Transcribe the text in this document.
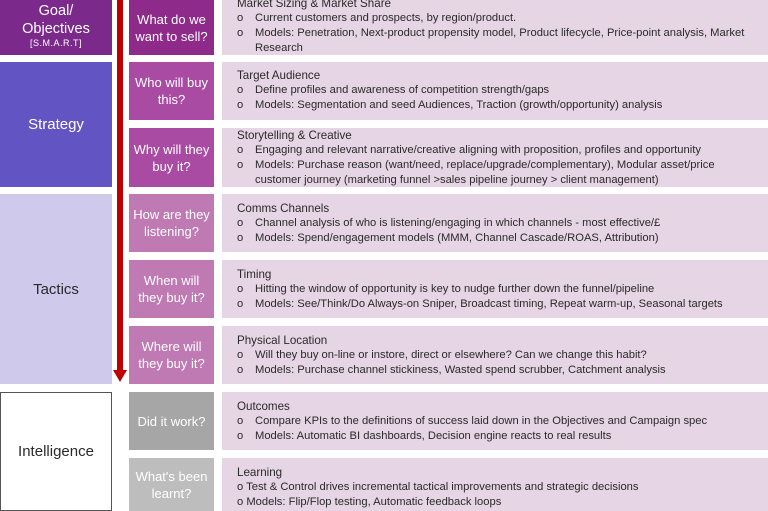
Goal/
Objectives
[S.M.A.R.T]
Strategy
Tactics
Intelligence
What do we want to sell?
Who will buy this?
Why will they buy it?
How are they listening?
When will they buy it?
Where will they buy it?
Did it work?
What's been learnt?
Market Sizing & Market Share
o Current customers and prospects, by region/product.
o	Models: Penetration, Next-product propensity model, Product lifecycle, Price-point analysis, Market Research
Target Audience
o Define profiles and awareness of competition strength/gaps
o Models: Segmentation and seed Audiences, Traction (growth/opportunity) analysis
Storytelling & Creative
o Engaging and relevant narrative/creative aligning with proposition, profiles and opportunity
o	Models: Purchase reason (want/need, replace/upgrade/complementary), Modular asset/price customer journey (marketing funnel >sales pipeline journey > client management)
Comms Channels
o Channel analysis of who is listening/engaging in which channels - most effective/£
o Models: Spend/engagement models (MMM, Channel Cascade/ROAS, Attribution)
Timing
o Hitting the window of opportunity is key to nudge further down the funnel/pipeline
o Models: See/Think/Do Always-on Sniper, Broadcast timing, Repeat warm-up, Seasonal targets
Physical Location
o Will they buy on-line or instore, direct or elsewhere? Can we change this habit?
o Models: Purchase channel stickiness, Wasted spend scrubber, Catchment analysis
Outcomes
o Compare KPIs to the definitions of success laid down in the Objectives and Campaign spec
o Models: Automatic BI dashboards, Decision engine reacts to real results
Learning
o Test & Control drives incremental tactical improvements and strategic decisions
o Models: Flip/Flop testing, Automatic feedback loops
